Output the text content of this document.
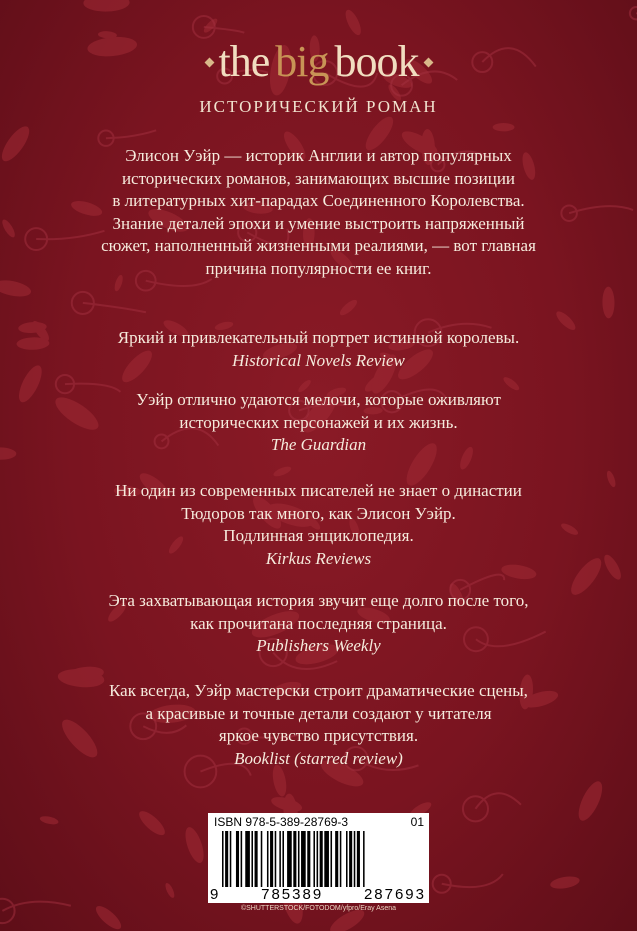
the big book
ИСТОРИЧЕСКИЙ РОМАН
Элисон Уэйр — историк Англии и автор популярных
исторических романов, занимающих высшие позиции
в литературных хит-парадах Соединенного Королевства.
Знание деталей эпохи и умение выстроить напряженный
сюжет, наполненный жизненными реалиями, — вот главная
причина популярности ее книг.
Яркий и привлекательный портрет истинной королевы.
Historical Novels Review
Уэйр отлично удаются мелочи, которые оживляют
исторических персонажей и их жизнь.
The Guardian
Ни один из современных писателей не знает о династии
Тюдоров так много, как Элисон Уэйр.
Подлинная энциклопедия.
Kirkus Reviews
Эта захватывающая история звучит еще долго после того,
как прочитана последняя страница.
Publishers Weekly
Как всегда, Уэйр мастерски строит драматические сцены,
а красивые и точные детали создают у читателя
яркое чувство присутствия.
Booklist (starred review)
ISBN 978-5-389-28769-3	01
9	785389	287693
©SHUTTERSTOCK/FOTODOM/yfpro/Eray Asena
